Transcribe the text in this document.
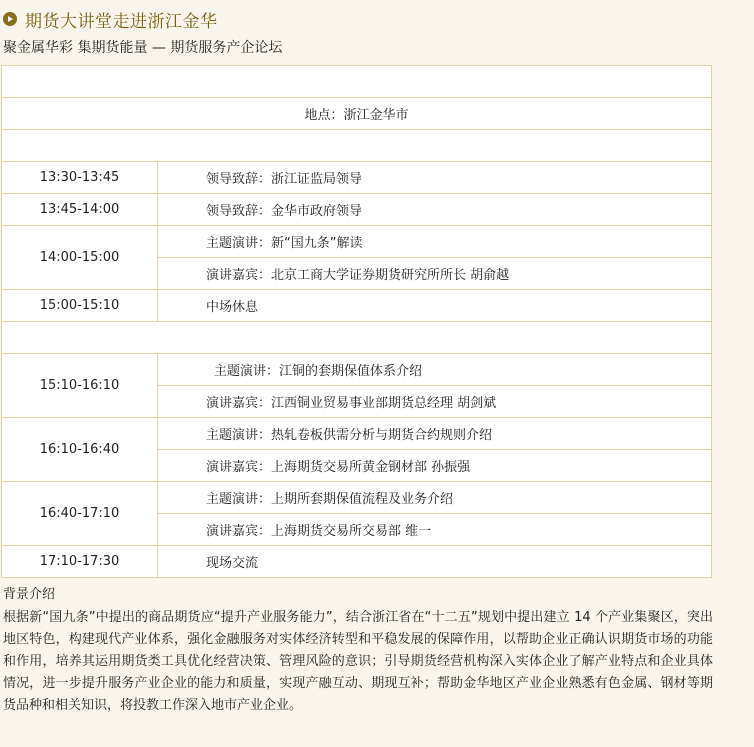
期货大讲堂走进浙江金华
聚金属华彩 集期货能量 — 期货服务产企论坛
6 月 27 日（星期五）13:30-17:30	
地点：浙江金华市	
第一节	
13:30-13:45	领导致辞：浙江证监局领导
13:45-14:00	领导致辞：金华市政府领导
14:00-15:00	主题演讲：新“国九条”解读
	演讲嘉宾：北京工商大学证券期货研究所所长 胡俞越
15:00-15:10	中场休息
第二节	
15:10-16:10	主题演讲：江铜的套期保值体系介绍
	演讲嘉宾：江西铜业贸易事业部期货总经理 胡剑斌
16:10-16:40	主题演讲：热轧卷板供需分析与期货合约规则介绍
	演讲嘉宾：上海期货交易所黄金钢材部 孙振强
16:40-17:10	主题演讲：上期所套期保值流程及业务介绍
	演讲嘉宾：上海期货交易所交易部 维一
17:10-17:30	现场交流
背景介绍
根据新“国九条”中提出的商品期货应“提升产业服务能力”，结合浙江省在“十二五”规划中提出建立 14 个产业集聚区，突出地区特色，构建现代产业体系，强化金融服务对实体经济转型和平稳发展的保障作用，以帮助企业正确认识期货市场的功能和作用，培养其运用期货类工具优化经营决策、管理风险的意识；引导期货经营机构深入实体企业了解产业特点和企业具体情况，进一步提升服务产业企业的能力和质量，实现产融互动、期现互补；帮助金华地区产业企业熟悉有色金属、钢材等期货品种和相关知识，将投教工作深入地市产业企业。
